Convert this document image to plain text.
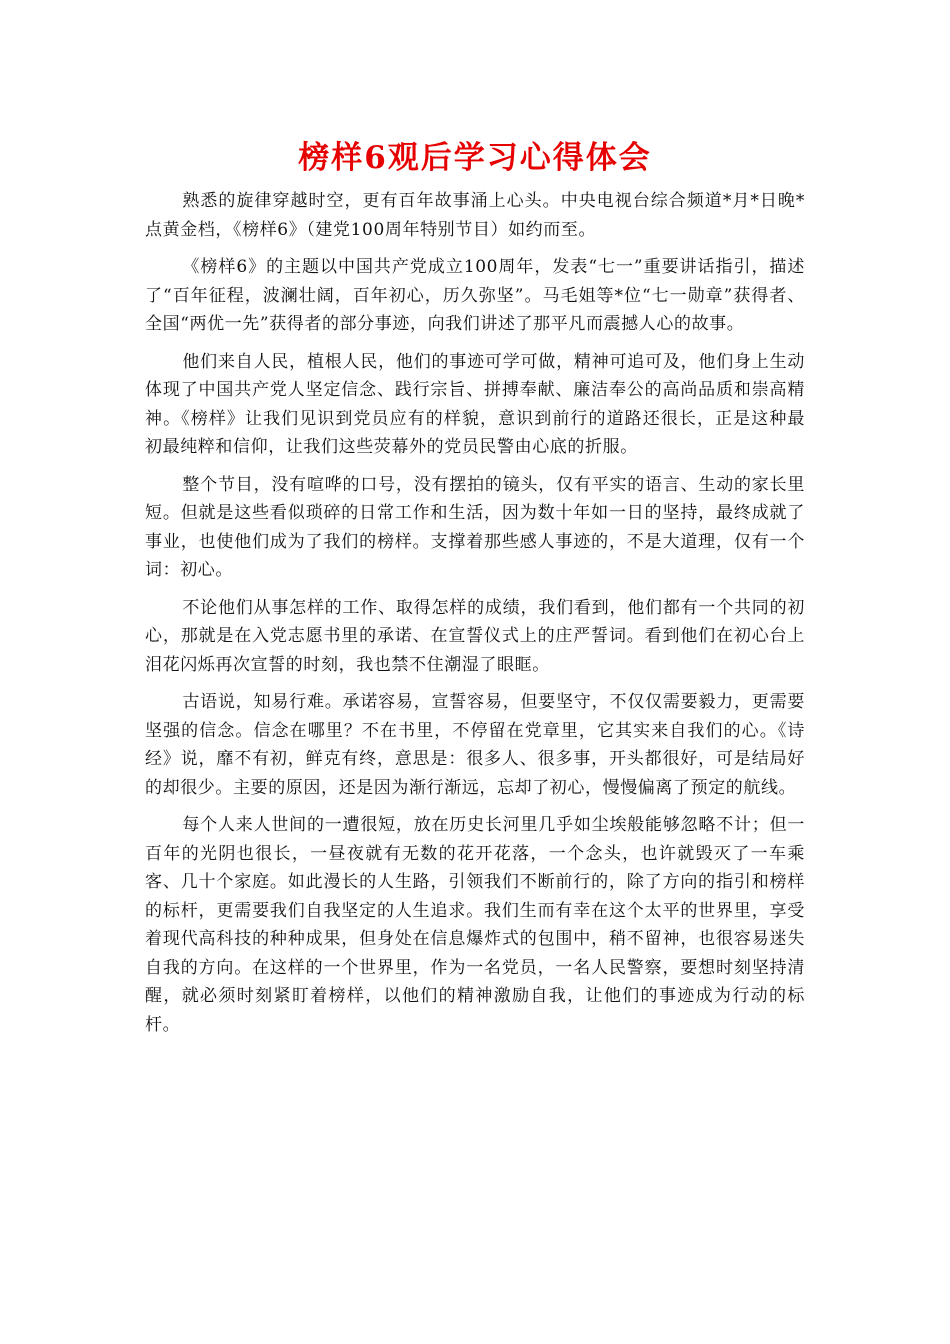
榜样6观后学习心得体会

熟悉的旋律穿越时空，更有百年故事涌上心头。中央电视台综合频道*月*日晚*点黄金档，《榜样6》（建党100周年特别节目）如约而至。

《榜样6》的主题以中国共产党成立100周年，发表“七一”重要讲话指引，描述了“百年征程，波澜壮阔，百年初心，历久弥坚”。马毛姐等*位“七一勋章”获得者、全国“两优一先”获得者的部分事迹，向我们讲述了那平凡而震撼人心的故事。

他们来自人民，植根人民，他们的事迹可学可做，精神可追可及，他们身上生动体现了中国共产党人坚定信念、践行宗旨、拼搏奉献、廉洁奉公的高尚品质和崇高精神。《榜样》让我们见识到党员应有的样貌，意识到前行的道路还很长，正是这种最初最纯粹和信仰，让我们这些荧幕外的党员民警由心底的折服。

整个节目，没有喧哗的口号，没有摆拍的镜头，仅有平实的语言、生动的家长里短。但就是这些看似琐碎的日常工作和生活，因为数十年如一日的坚持，最终成就了事业，也使他们成为了我们的榜样。支撑着那些感人事迹的，不是大道理，仅有一个词：初心。

不论他们从事怎样的工作、取得怎样的成绩，我们看到，他们都有一个共同的初心，那就是在入党志愿书里的承诺、在宣誓仪式上的庄严誓词。看到他们在初心台上泪花闪烁再次宣誓的时刻，我也禁不住潮湿了眼眶。

古语说，知易行难。承诺容易，宣誓容易，但要坚守，不仅仅需要毅力，更需要坚强的信念。信念在哪里？不在书里，不停留在党章里，它其实来自我们的心。《诗经》说，靡不有初，鲜克有终，意思是：很多人、很多事，开头都很好，可是结局好的却很少。主要的原因，还是因为渐行渐远，忘却了初心，慢慢偏离了预定的航线。

每个人来人世间的一遭很短，放在历史长河里几乎如尘埃般能够忽略不计；但一百年的光阴也很长，一昼夜就有无数的花开花落，一个念头，也许就毁灭了一车乘客、几十个家庭。如此漫长的人生路，引领我们不断前行的，除了方向的指引和榜样的标杆，更需要我们自我坚定的人生追求。我们生而有幸在这个太平的世界里，享受着现代高科技的种种成果，但身处在信息爆炸式的包围中，稍不留神，也很容易迷失自我的方向。在这样的一个世界里，作为一名党员，一名人民警察，要想时刻坚持清醒，就必须时刻紧盯着榜样，以他们的精神激励自我，让他们的事迹成为行动的标杆。
